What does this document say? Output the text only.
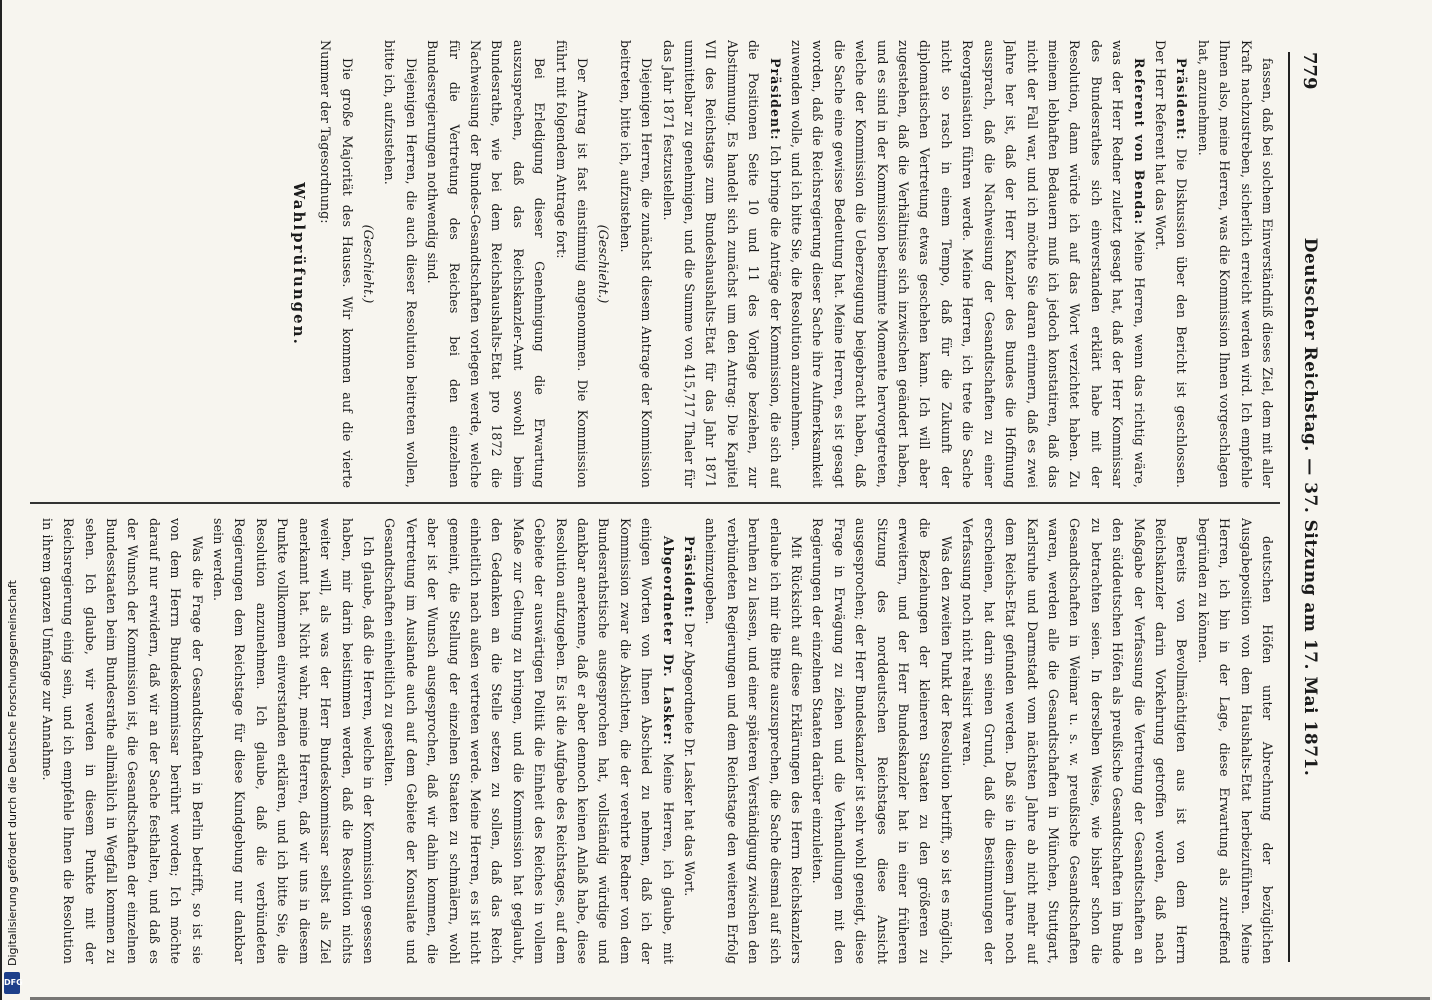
779
Deutscher Reichstag. — 37. Sitzung am 17. Mai 1871.

fassen, daß bei solchem Einverständniß dieses Ziel, dem mit aller Kraft nachzustreben, sicherlich erreicht werden wird. Ich empfehle Ihnen also, meine Herren, was die Kommission Ihnen vorgeschlagen hat, anzunehmen.

Präsident: Die Diskussion über den Bericht ist geschlossen. Der Herr Referent hat das Wort.

Referent von Benda: Meine Herren, wenn das richtig wäre, was der Herr Redner zuletzt gesagt hat, daß der Herr Kommissar des Bundesrathes sich einverstanden erklärt habe mit der Resolution, dann würde ich auf das Wort verzichtet haben. Zu meinem lebhaften Bedauern muß ich jedoch konstatiren, daß das nicht der Fall war, und ich möchte Sie daran erinnern, daß es zwei Jahre her ist, daß der Herr Kanzler des Bundes die Hoffnung aussprach, daß die Nachweisung der Gesandtschaften zu einer Reorganisation führen werde. Meine Herren, ich trete die Sache nicht so rasch in einem Tempo, daß für die Zukunft der diplomatischen Vertretung etwas geschehen kann. Ich will aber zugestehen, daß die Verhältnisse sich inzwischen geändert haben, und es sind in der Kommission bestimmte Momente hervorgetreten, welche der Kommission die Ueberzeugung beigebracht haben, daß die Sache eine gewisse Bedeutung hat. Meine Herren, es ist gesagt worden, daß die Reichsregierung dieser Sache ihre Aufmerksamkeit zuwenden wolle, und ich bitte Sie, die Resolution anzunehmen.

Präsident: Ich bringe die Anträge der Kommission, die sich auf die Positionen Seite 10 und 11 des Vorlage beziehen, zur Abstimmung. Es handelt sich zunächst um den Antrag: Die Kapitel VII des Reichstags zum Bundeshaushalts-Etat für das Jahr 1871 unmittelbar zu genehmigen, und die Summe von 415,717 Thaler für das Jahr 1871 festzustellen.

Diejenigen Herren, die zunächst diesem Antrage der Kommission beitreten, bitte ich, aufzustehen.

(Geschieht.)

Der Antrag ist fast einstimmig angenommen. Die Kommission führt mit folgendem Antrage fort:

Bei Erledigung dieser Genehmigung die Erwartung auszusprechen, daß das Reichskanzler-Amt sowohl beim Bundesrathe, wie bei dem Reichshaushalts-Etat pro 1872 die Nachweisung der Bundes-Gesandtschaften vorlegen werde, welche für die Vertretung des Reiches bei den einzelnen Bundesregierungen nothwendig sind.

Diejenigen Herren, die auch dieser Resolution beitreten wollen, bitte ich, aufzustehen.

(Geschieht.)

Die große Majorität des Hauses. Wir kommen auf die vierte Nummer der Tagesordnung:

Wahlprüfungen.

deutschen Höfen unter Abrechnung der bezüglichen Ausgabeposition von dem Haushalts-Etat herbeizuführen. Meine Herren, ich bin in der Lage, diese Erwartung als zutreffend begründen zu können.

Bereits von Bevollmächtigten aus ist von dem Herrn Reichskanzler darin Vorkehrung getroffen worden, daß nach Maßgabe der Verfassung die Vertretung der Gesandtschaften an den süddeutschen Höfen als preußische Gesandtschaften im Bunde zu betrachten seien. In derselben Weise, wie bisher schon die Gesandtschaften in Weimar u. s. w. preußische Gesandtschaften waren, werden alle die Gesandtschaften in München, Stuttgart, Karlsruhe und Darmstadt vom nächsten Jahre ab nicht mehr auf dem Reichs-Etat gefunden werden. Daß sie in diesem Jahre noch erscheinen, hat darin seinen Grund, daß die Bestimmungen der Verfassung noch nicht realisirt waren.

Was den zweiten Punkt der Resolution betrifft, so ist es möglich, die Beziehungen der kleineren Staaten zu den größeren zu erweitern, und der Herr Bundeskanzler hat in einer früheren Sitzung des norddeutschen Reichstages diese Ansicht ausgesprochen; der Herr Bundeskanzler ist sehr wohl geneigt, diese Frage in Erwägung zu ziehen und die Verhandlungen mit den Regierungen der einzelnen Staaten darüber einzuleiten.

Mit Rücksicht auf diese Erklärungen des Herrn Reichskanzlers erlaube ich mir die Bitte auszusprechen, die Sache diesmal auf sich beruhen zu lassen, und einer späteren Verständigung zwischen den verbündeten Regierungen und dem Reichstage den weiteren Erfolg anheimzugeben.

Präsident: Der Abgeordnete Dr. Lasker hat das Wort.

Abgeordneter Dr. Lasker: Meine Herren, ich glaube, mit einigen Worten von Ihnen Abschied zu nehmen, daß ich der Kommission zwar die Absichten, die der verehrte Redner von dem Bundesrathstische ausgesprochen hat, vollständig würdige und dankbar anerkenne, daß er aber dennoch keinen Anlaß habe, diese Resolution aufzugeben. Es ist die Aufgabe des Reichstages, auf dem Gebiete der auswärtigen Politik die Einheit des Reiches in vollem Maße zur Geltung zu bringen, und die Kommission hat geglaubt, den Gedanken an die Stelle setzen zu sollen, daß das Reich einheitlich nach außen vertreten werde. Meine Herren, es ist nicht gemeint, die Stellung der einzelnen Staaten zu schmälern, wohl aber ist der Wunsch ausgesprochen, daß wir dahin kommen, die Vertretung im Auslande auch auf dem Gebiete der Konsulate und Gesandtschaften einheitlich zu gestalten.

Ich glaube, daß die Herren, welche in der Kommission gesessen haben, mir darin beistimmen werden, daß die Resolution nichts weiter will, als was der Herr Bundeskommissar selbst als Ziel anerkannt hat. Nicht wahr, meine Herren, daß wir uns in diesem Punkte vollkommen einverstanden erklären, und ich bitte Sie, die Resolution anzunehmen. Ich glaube, daß die verbündeten Regierungen dem Reichstage für diese Kundgebung nur dankbar sein werden.

Was die Frage der Gesandtschaften in Berlin betrifft, so ist sie von dem Herrn Bundeskommissar berührt worden; Ich möchte darauf nur erwidern, daß wir an der Sache festhalten, und daß es der Wunsch der Kommission ist, die Gesandtschaften der einzelnen Bundesstaaten beim Bundesrathe allmählich in Wegfall kommen zu sehen. Ich glaube, wir werden in diesem Punkte mit der Reichsregierung einig sein, und ich empfehle Ihnen die Resolution in ihrem ganzen Umfange zur Annahme.

DFG
Digitalisierung gefördert durch die Deutsche Forschungsgemeinschaft
